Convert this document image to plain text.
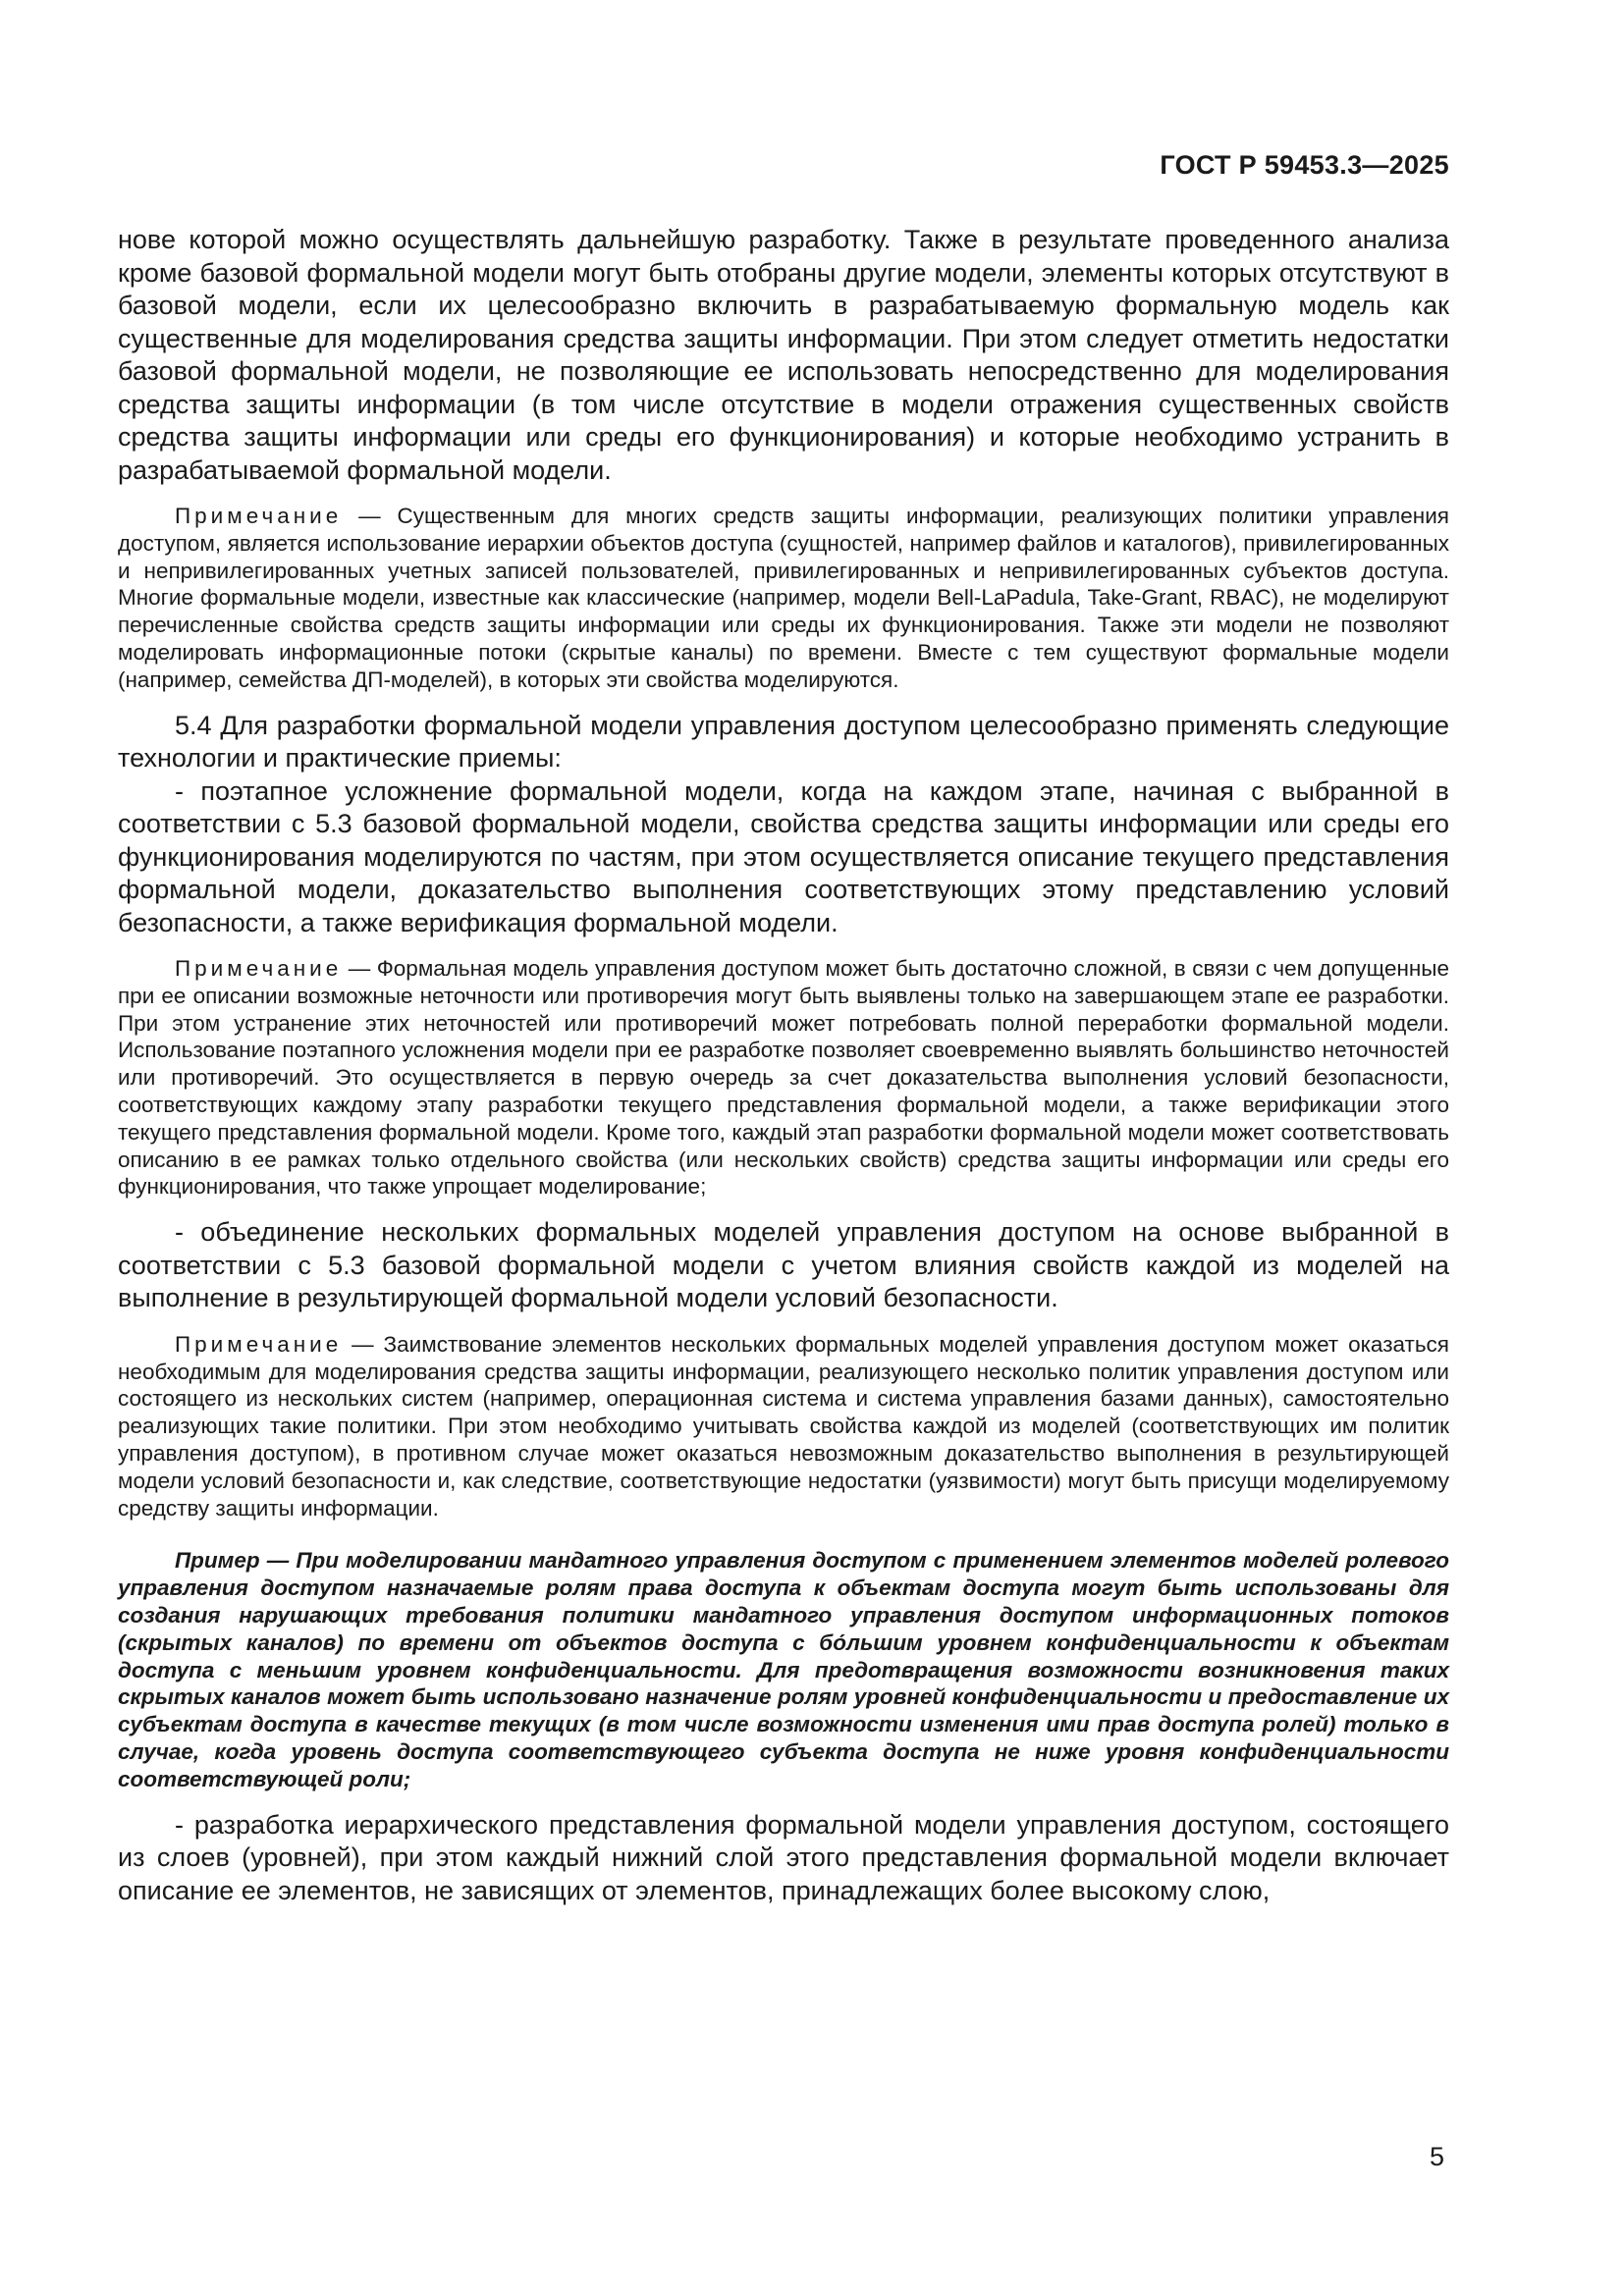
ГОСТ Р 59453.3—2025

нове которой можно осуществлять дальнейшую разработку. Также в результате проведенного анализа кроме базовой формальной модели могут быть отобраны другие модели, элементы которых отсутствуют в базовой модели, если их целесообразно включить в разрабатываемую формальную модель как существенные для моделирования средства защиты информации. При этом следует отметить недостатки базовой формальной модели, не позволяющие ее использовать непосредственно для моделирования средства защиты информации (в том числе отсутствие в модели отражения существенных свойств средства защиты информации или среды его функционирования) и которые необходимо устранить в разрабатываемой формальной модели.

Примечание — Существенным для многих средств защиты информации, реализующих политики управления доступом, является использование иерархии объектов доступа (сущностей, например файлов и каталогов), привилегированных и непривилегированных учетных записей пользователей, привилегированных и непривилегированных субъектов доступа. Многие формальные модели, известные как классические (например, модели Bell-LaPadula, Take-Grant, RBAC), не моделируют перечисленные свойства средств защиты информации или среды их функционирования. Также эти модели не позволяют моделировать информационные потоки (скрытые каналы) по времени. Вместе с тем существуют формальные модели (например, семейства ДП-моделей), в которых эти свойства моделируются.

5.4 Для разработки формальной модели управления доступом целесообразно применять следующие технологии и практические приемы:

- поэтапное усложнение формальной модели, когда на каждом этапе, начиная с выбранной в соответствии с 5.3 базовой формальной модели, свойства средства защиты информации или среды его функционирования моделируются по частям, при этом осуществляется описание текущего представления формальной модели, доказательство выполнения соответствующих этому представлению условий безопасности, а также верификация формальной модели.

Примечание — Формальная модель управления доступом может быть достаточно сложной, в связи с чем допущенные при ее описании возможные неточности или противоречия могут быть выявлены только на завершающем этапе ее разработки. При этом устранение этих неточностей или противоречий может потребовать полной переработки формальной модели. Использование поэтапного усложнения модели при ее разработке позволяет своевременно выявлять большинство неточностей или противоречий. Это осуществляется в первую очередь за счет доказательства выполнения условий безопасности, соответствующих каждому этапу разработки текущего представления формальной модели, а также верификации этого текущего представления формальной модели. Кроме того, каждый этап разработки формальной модели может соответствовать описанию в ее рамках только отдельного свойства (или нескольких свойств) средства защиты информации или среды его функционирования, что также упрощает моделирование;

- объединение нескольких формальных моделей управления доступом на основе выбранной в соответствии с 5.3 базовой формальной модели с учетом влияния свойств каждой из моделей на выполнение в результирующей формальной модели условий безопасности.

Примечание — Заимствование элементов нескольких формальных моделей управления доступом может оказаться необходимым для моделирования средства защиты информации, реализующего несколько политик управления доступом или состоящего из нескольких систем (например, операционная система и система управления базами данных), самостоятельно реализующих такие политики. При этом необходимо учитывать свойства каждой из моделей (соответствующих им политик управления доступом), в противном случае может оказаться невозможным доказательство выполнения в результирующей модели условий безопасности и, как следствие, соответствующие недостатки (уязвимости) могут быть присущи моделируемому средству защиты информации.

Пример — При моделировании мандатного управления доступом с применением элементов моделей ролевого управления доступом назначаемые ролям права доступа к объектам доступа могут быть использованы для создания нарушающих требования политики мандатного управления доступом информационных потоков (скрытых каналов) по времени от объектов доступа с бо́льшим уровнем конфиденциальности к объектам доступа с меньшим уровнем конфиденциальности. Для предотвращения возможности возникновения таких скрытых каналов может быть использовано назначение ролям уровней конфиденциальности и предоставление их субъектам доступа в качестве текущих (в том числе возможности изменения ими прав доступа ролей) только в случае, когда уровень доступа соответствующего субъекта доступа не ниже уровня конфиденциальности соответствующей роли;

- разработка иерархического представления формальной модели управления доступом, состоящего из слоев (уровней), при этом каждый нижний слой этого представления формальной модели включает описание ее элементов, не зависящих от элементов, принадлежащих более высокому слою,

5
